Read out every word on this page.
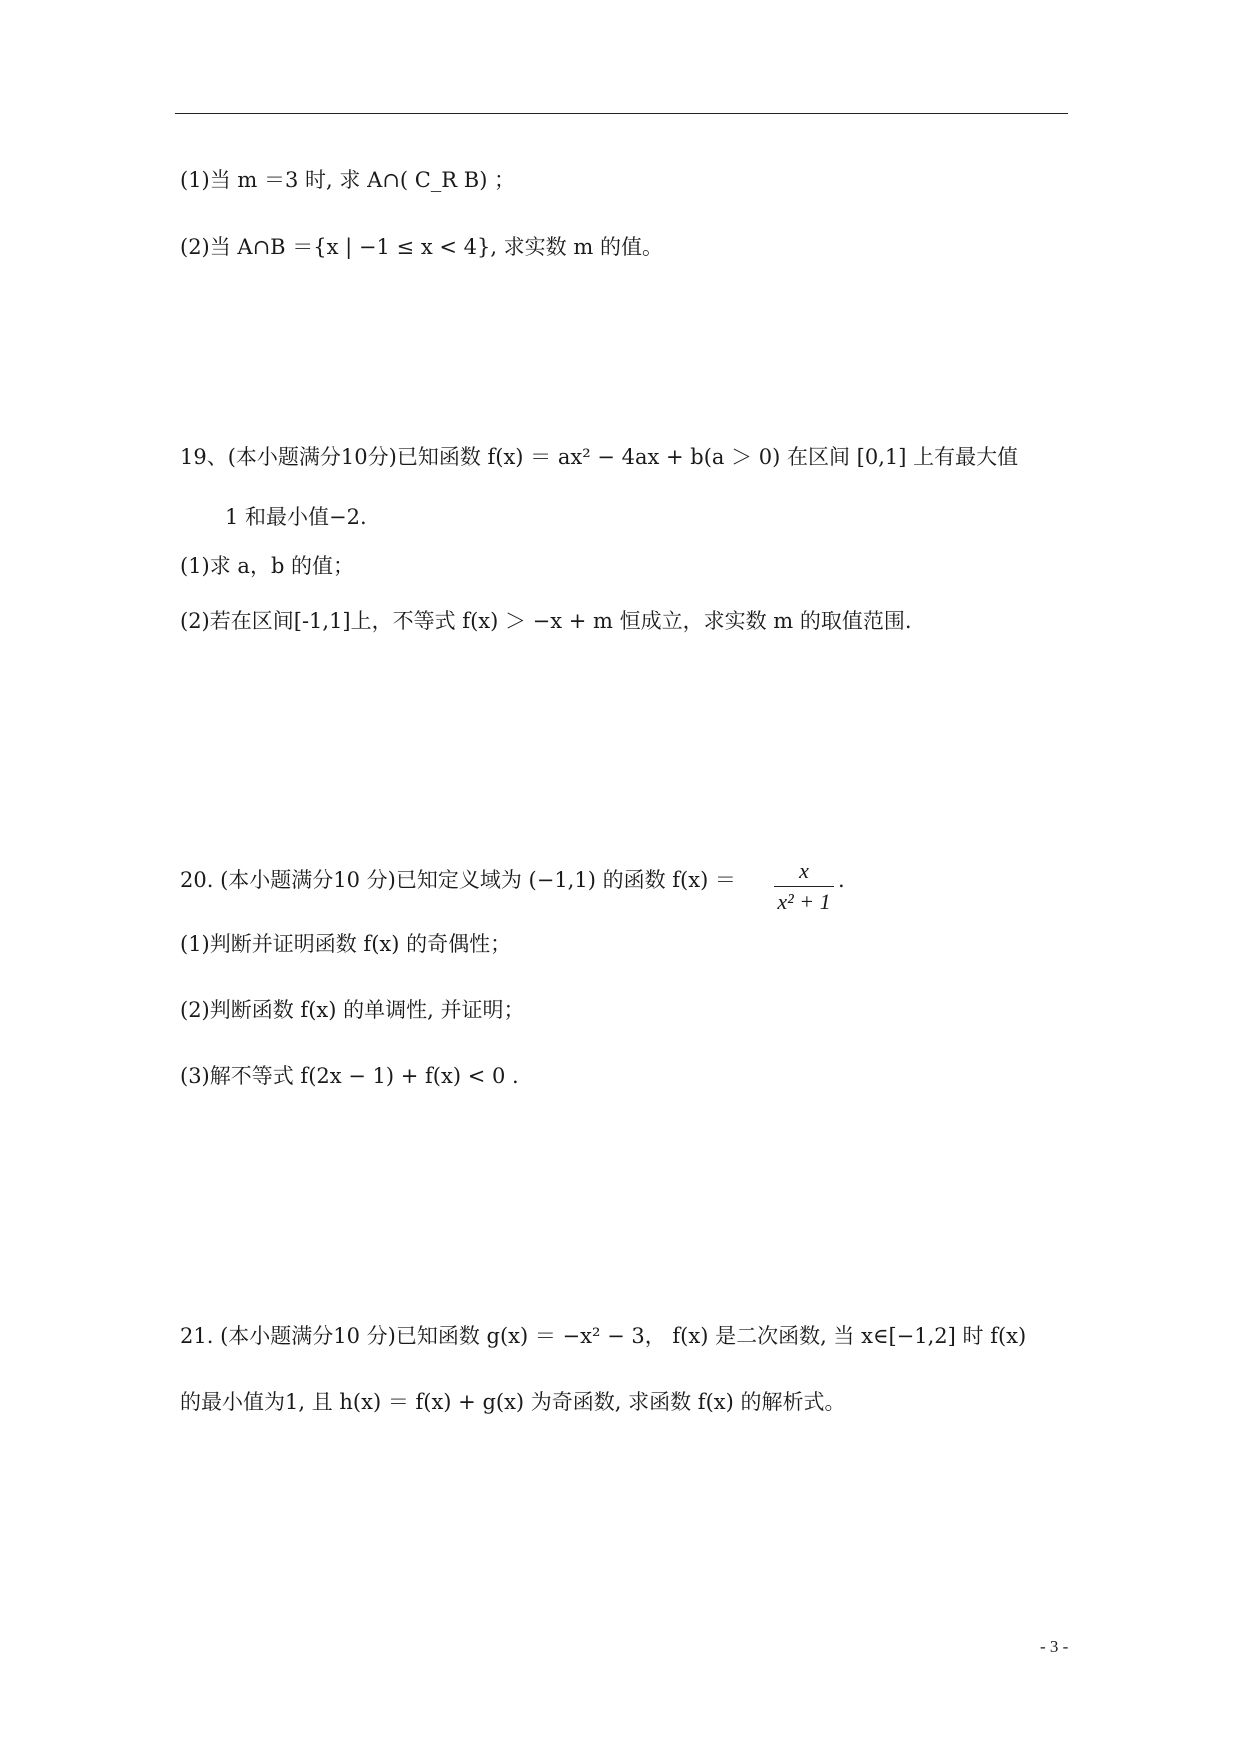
(1)当 m ＝3 时, 求 A∩( C_R B) ；
(2)当 A∩B ＝{x | −1 ≤ x < 4}, 求实数 m 的值。
19、(本小题满分10分)已知函数 f(x) ＝ ax² − 4ax + b(a ＞ 0) 在区间 [0,1] 上有最大值
1 和最小值−2.
(1)求 a，b 的值；
(2)若在区间[-1,1]上，不等式 f(x) ＞ −x + m 恒成立，求实数 m 的取值范围.
20. (本小题满分10 分)已知定义域为 (−1,1) 的函数 f(x) ＝	x
x² + 1
.
(1)判断并证明函数 f(x) 的奇偶性；
(2)判断函数 f(x) 的单调性, 并证明；
(3)解不等式 f(2x − 1) + f(x) < 0 .
21. (本小题满分10 分)已知函数 g(x) ＝ −x² − 3， f(x) 是二次函数, 当 x∈[−1,2] 时 f(x)
的最小值为1, 且 h(x) ＝ f(x) + g(x) 为奇函数, 求函数 f(x) 的解析式。
- 3 -
